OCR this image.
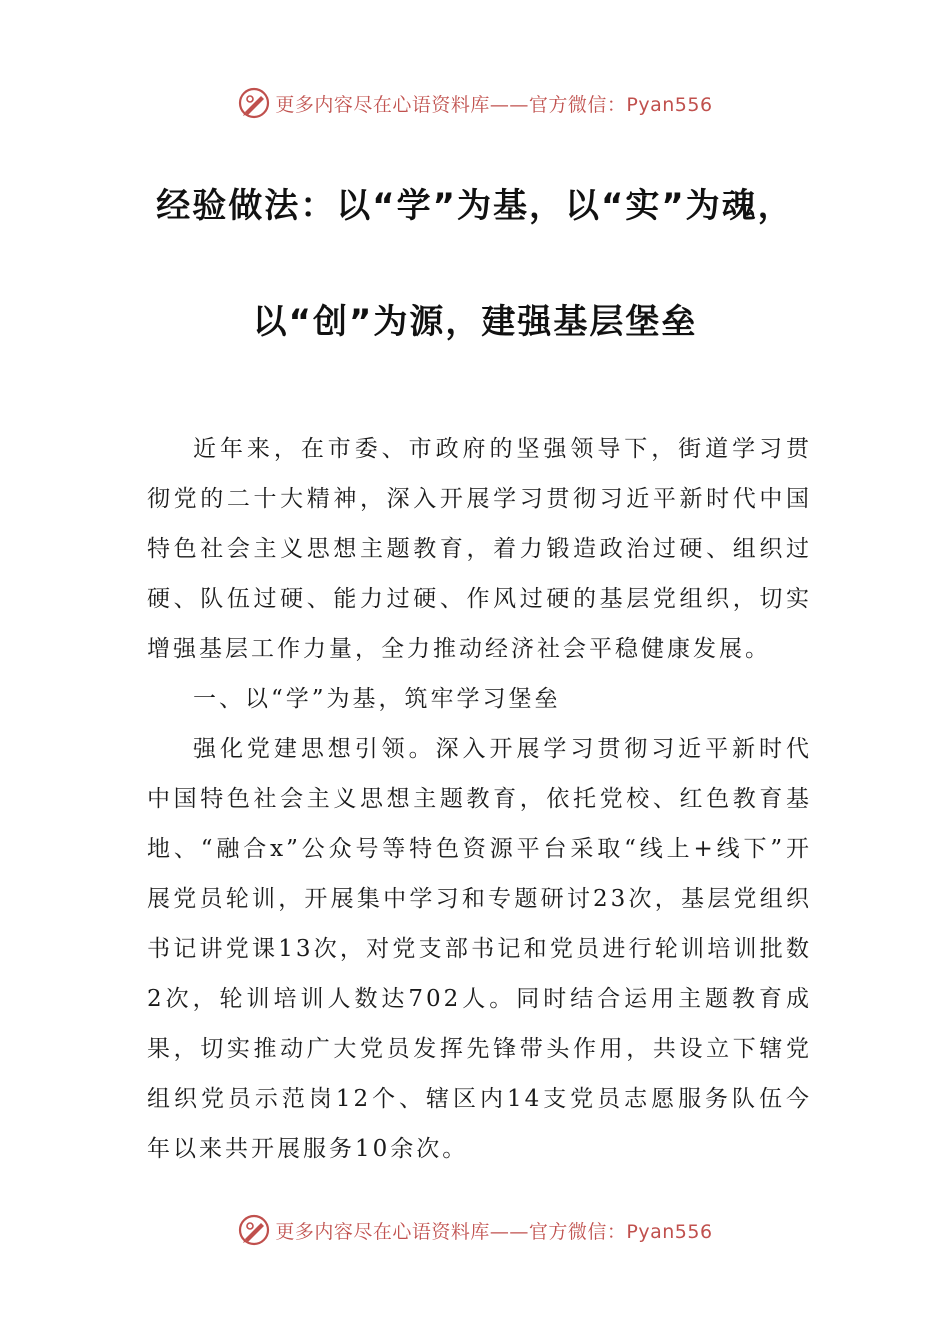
更多内容尽在心语资料库——官方微信：Pyan556
经验做法：以“学”为基，以“实”为魂，
以“创”为源，建强基层堡垒

近年来，在市委、市政府的坚强领导下，街道学习贯彻党的二十大精神，深入开展学习贯彻习近平新时代中国特色社会主义思想主题教育，着力锻造政治过硬、组织过硬、队伍过硬、能力过硬、作风过硬的基层党组织，切实增强基层工作力量，全力推动经济社会平稳健康发展。

一、以“学”为基，筑牢学习堡垒

强化党建思想引领。深入开展学习贯彻习近平新时代中国特色社会主义思想主题教育，依托党校、红色教育基地、“融合x”公众号等特色资源平台采取“线上+线下”开展党员轮训，开展集中学习和专题研讨23次，基层党组织书记讲党课13次，对党支部书记和党员进行轮训培训批数2次，轮训培训人数达702人。同时结合运用主题教育成果，切实推动广大党员发挥先锋带头作用，共设立下辖党组织党员示范岗12个、辖区内14支党员志愿服务队伍今年以来共开展服务10余次。

更多内容尽在心语资料库——官方微信：Pyan556
